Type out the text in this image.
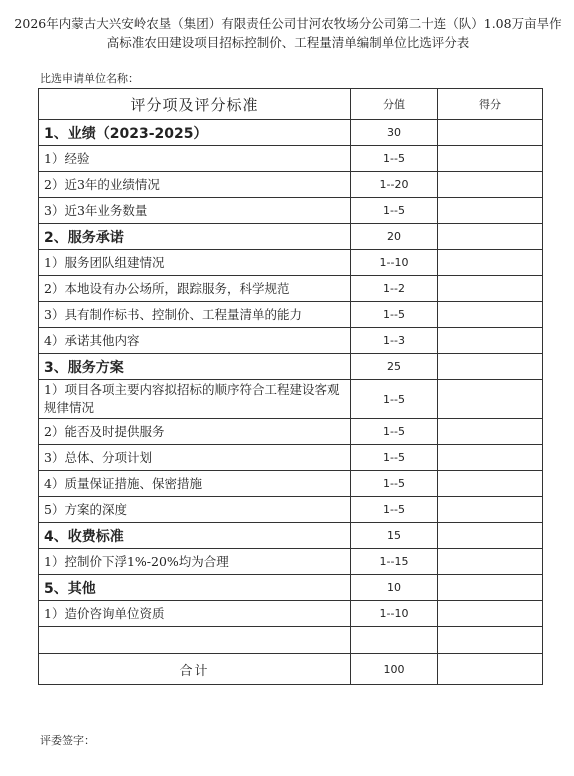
2026年内蒙古大兴安岭农垦（集团）有限责任公司甘河农牧场分公司第二十连（队）1.08万亩旱作高标准农田建设项目招标控制价、工程量清单编制单位比选评分表
比选申请单位名称：
评分项及评分标准	分值	得分
1、业绩（2023-2025）	30	
1）经验	1--5	
2）近3年的业绩情况	1--20	
3）近3年业务数量	1--5	
2、服务承诺	20	
1）服务团队组建情况	1--10	
2）本地设有办公场所，跟踪服务，科学规范	1--2	
3）具有制作标书、控制价、工程量清单的能力	1--5	
4）承诺其他内容	1--3	
3、服务方案	25	
1）项目各项主要内容拟招标的顺序符合工程建设客观规律情况	1--5	
2）能否及时提供服务	1--5	
3）总体、分项计划	1--5	
4）质量保证措施、保密措施	1--5	
5）方案的深度	1--5	
4、收费标准	15	
1）控制价下浮1%-20%均为合理	1--15	
5、其他	10	
1）造价咨询单位资质	1--10	

合计	100	
评委签字：
